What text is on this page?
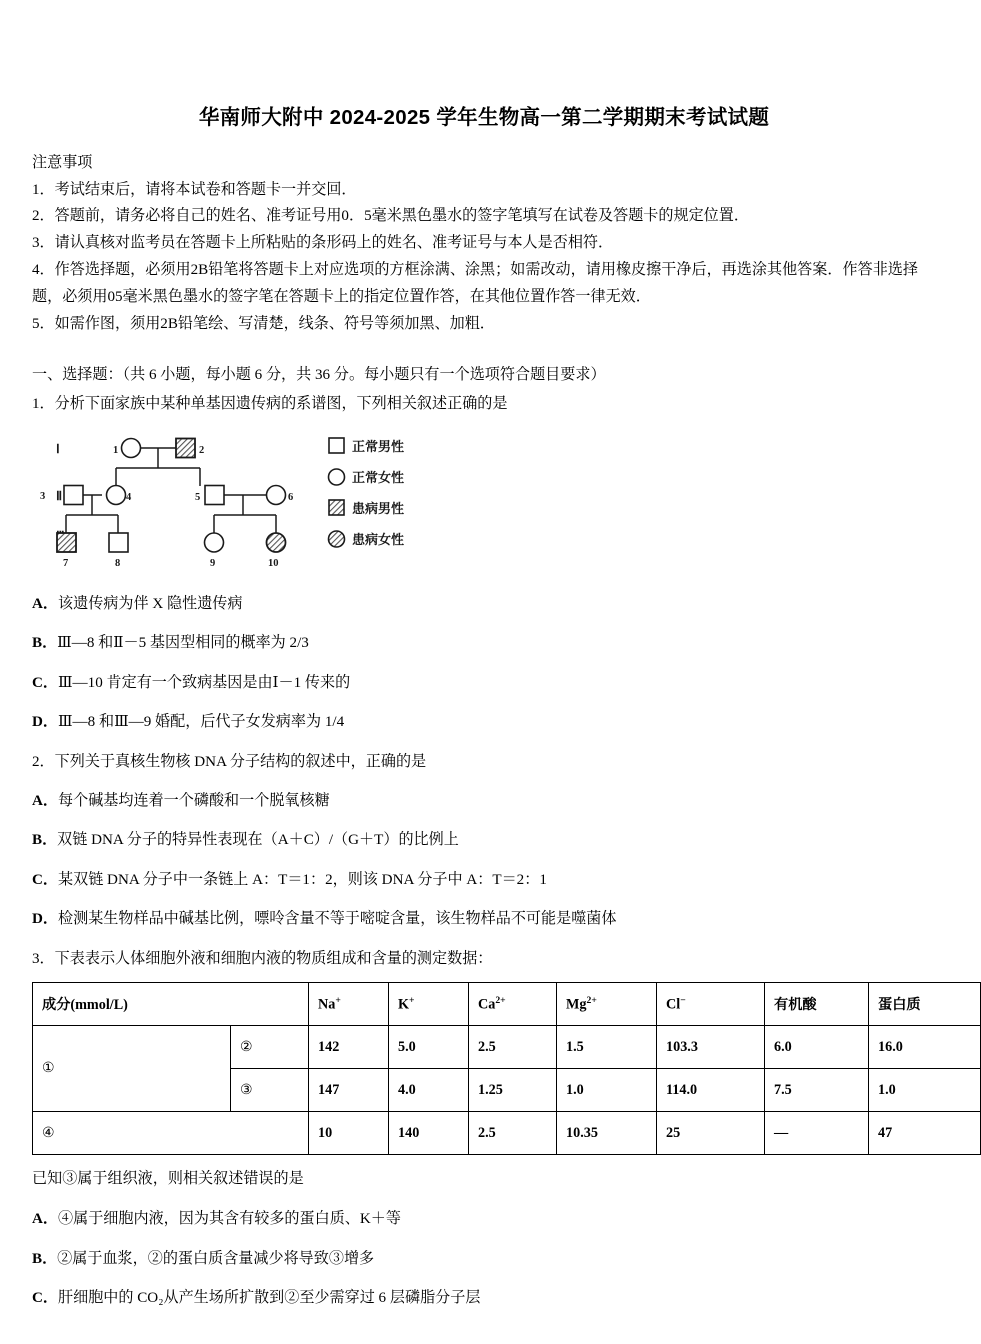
华南师大附中 2024-2025 学年生物高一第二学期期末考试试题
注意事项
1．考试结束后，请将本试卷和答题卡一并交回．
2．答题前，请务必将自己的姓名、准考证号用0．5毫米黑色墨水的签字笔填写在试卷及答题卡的规定位置．
3．请认真核对监考员在答题卡上所粘贴的条形码上的姓名、准考证号与本人是否相符．
4．作答选择题，必须用2B铅笔将答题卡上对应选项的方框涂满、涂黑；如需改动，请用橡皮擦干净后，再选涂其他答案．作答非选择题，必须用05毫米黑色墨水的签字笔在答题卡上的指定位置作答，在其他位置作答一律无效．
5．如需作图，须用2B铅笔绘、写清楚，线条、符号等须加黑、加粗．
一、选择题：（共 6 小题，每小题 6 分，共 36 分。每小题只有一个选项符合题目要求）
1．分析下面家族中某种单基因遗传病的系谱图，下列相关叙述正确的是
Ⅰ
Ⅱ
1	2
3	4	5	6
7	8	9	10
正常男性
正常女性
患病男性
患病女性
A．该遗传病为伴 X 隐性遗传病
B．Ⅲ—8 和Ⅱ－5 基因型相同的概率为 2/3
C．Ⅲ—10 肯定有一个致病基因是由Ⅰ－1 传来的
D．Ⅲ—8 和Ⅲ—9 婚配，后代子女发病率为 1/4
2．下列关于真核生物核 DNA 分子结构的叙述中，正确的是
A．每个碱基均连着一个磷酸和一个脱氧核糖
B．双链 DNA 分子的特异性表现在（A＋C）/（G＋T）的比例上
C．某双链 DNA 分子中一条链上 A：T＝1：2，则该 DNA 分子中 A：T＝2：1
D．检测某生物样品中碱基比例，嘌呤含量不等于嘧啶含量，该生物样品不可能是噬菌体
3．下表表示人体细胞外液和细胞内液的物质组成和含量的测定数据：
成分(mmol/L)		Na+	K+	$Ca^{2+}$	$Mg^{2+}$	Cl−	有机酸	蛋白质
①	②	142	5.0	2.5	1.5	103.3	6.0	16.0
	③	147	4.0	1.25	1.0	114.0	7.5	1.0
④		10	140	2.5	10.35	25	—	47
已知③属于组织液，则相关叙述错误的是
A．④属于细胞内液，因为其含有较多的蛋白质、K＋等
B．②属于血浆，②的蛋白质含量减少将导致③增多
C．肝细胞中的 CO₂从产生场所扩散到②至少需穿过 6 层磷脂分子层
